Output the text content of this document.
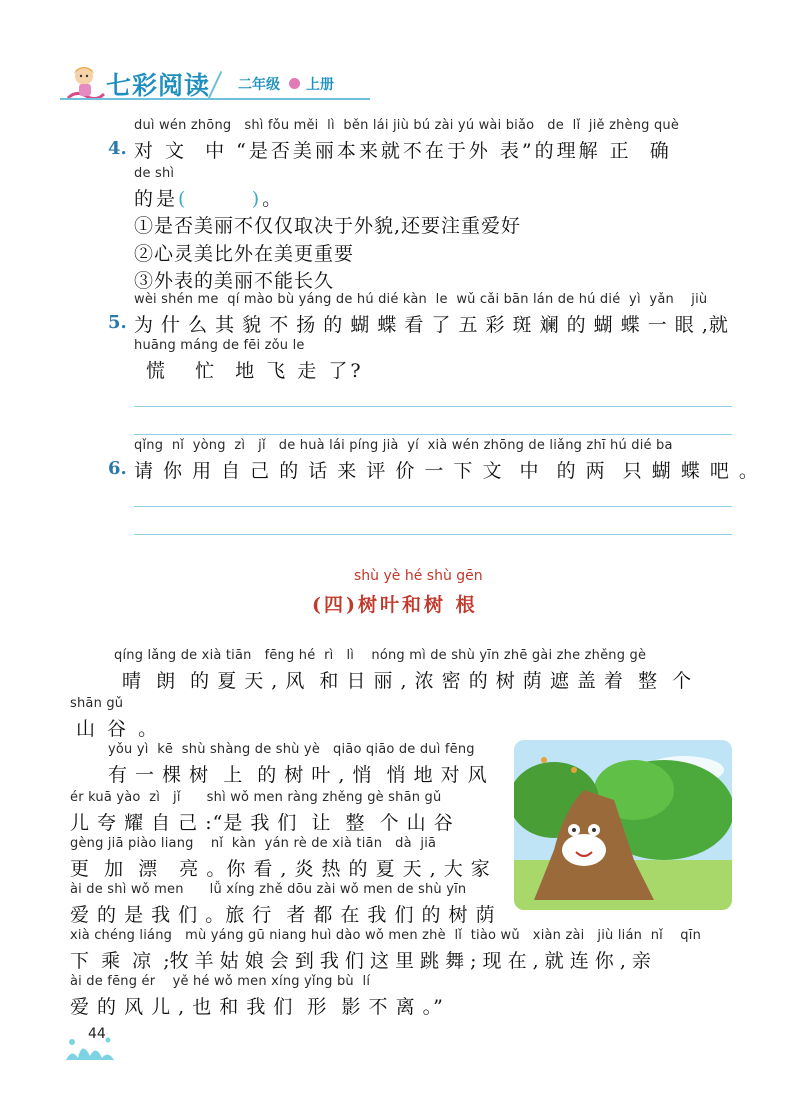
七彩阅读 二年级 上册
duì wén zhōng   shì fǒu měi  lì  běn lái jiù bú zài yú wài biǎo   de  lǐ  jiě zhèng què
4. 对 文  中 “是否美丽本来就不在于外 表”的理解 正  确
de shì
的是(       )。
①是否美丽不仅仅取决于外貌,还要注重爱好
②心灵美比外在美更重要
③外表的美丽不能长久
wèi shén me  qí mào bù yáng de hú dié kàn  le  wǔ cǎi bān lán de hú dié  yì  yǎn    jiù
5. 为 什 么 其 貌 不 扬 的 蝴 蝶 看 了 五 彩 斑 斓 的 蝴 蝶 一 眼 ,就
huāng máng de fēi zǒu le
慌   忙  地 飞 走 了?
qǐng  nǐ  yòng  zì   jǐ   de huà lái píng jià  yí  xià wén zhōng de liǎng zhī hú dié ba
6. 请 你 用 自 己 的 话 来 评 价 一 下 文  中  的 两  只 蝴 蝶 吧 。
shù yè hé shù gēn
(四)树叶和树 根
qíng lǎng de xià tiān   fēng hé  rì   lì    nóng mì de shù yīn zhē gài zhe zhěng gè
晴  朗  的 夏 天 , 风  和 日 丽 , 浓 密 的 树 荫 遮 盖 着  整  个
shān gǔ
山 谷 。
yǒu yì  kē  shù shàng de shù yè   qiāo qiāo de duì fēng
有 一 棵 树  上  的 树 叶 , 悄  悄 地 对 风
ér kuā yào  zì   jǐ      shì wǒ men ràng zhěng gè shān gǔ
儿 夸 耀 自 己 :“是 我 们  让  整  个 山 谷
gèng jiā piào liang    nǐ  kàn  yán rè de xià tiān   dà  jiā
更  加  漂   亮 。你 看 , 炎 热 的 夏 天 , 大 家
ài de shì wǒ men      lǚ xíng zhě dōu zài wǒ men de shù yīn
爱 的 是 我 们 。旅 行  者 都 在 我 们 的 树 荫
xià chéng liáng   mù yáng gū niang huì dào wǒ men zhè  lǐ  tiào wǔ   xiàn zài   jiù lián  nǐ    qīn
下  乘  凉  ;牧 羊 姑 娘 会 到 我 们 这 里 跳 舞 ; 现 在 , 就 连 你 , 亲
ài de fēng ér    yě hé wǒ men xíng yǐng bù  lí
爱 的 风 儿 , 也 和 我 们  形  影 不 离 。”
44
